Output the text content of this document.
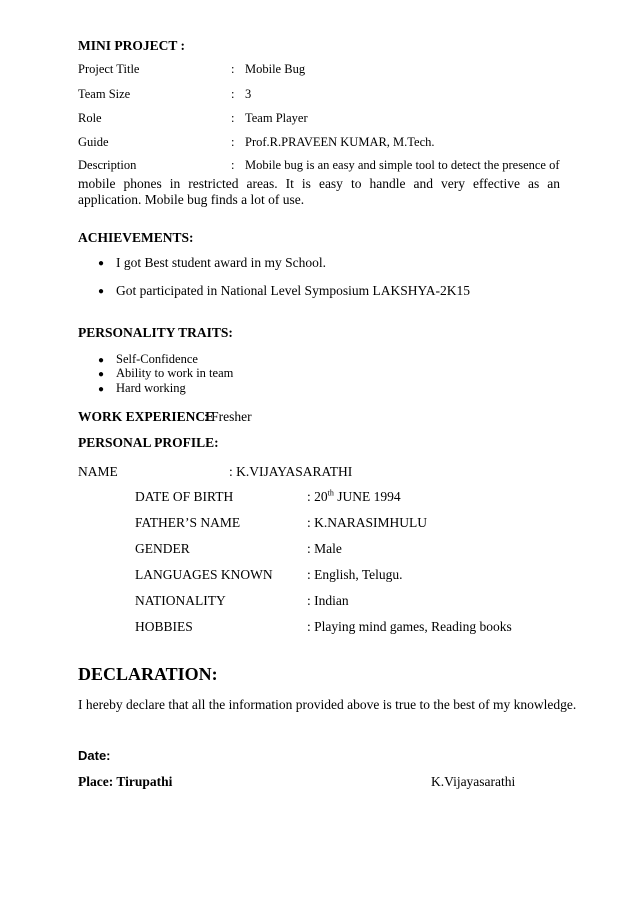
MINI PROJECT :
Project Title	: Mobile Bug
Team Size	: 3
Role	: Team Player
Guide	: Prof.R.PRAVEEN KUMAR, M.Tech.
Description	: Mobile bug is an easy and simple tool to detect the presence of
mobile phones in restricted areas. It is easy to handle and very effective as an application. Mobile bug finds a lot of use.
ACHIEVEMENTS:
● I got Best student award in my School.
● Got participated in National Level Symposium LAKSHYA-2K15
PERSONALITY TRAITS:
● Self-Confidence
● Ability to work in team
● Hard working
WORK EXPERIENCE
: Fresher
PERSONAL PROFILE:
NAME	: K.VIJAYASARATHI
DATE OF BIRTH	: 20th JUNE 1994
FATHER’S NAME	: K.NARASIMHULU
GENDER	: Male
LANGUAGES KNOWN	: English, Telugu.
NATIONALITY	: Indian
HOBBIES	: Playing mind games, Reading books
DECLARATION:
I hereby declare that all the information provided above is true to the best of my knowledge.
Date:
Place: Tirupathi	K.Vijayasarathi
